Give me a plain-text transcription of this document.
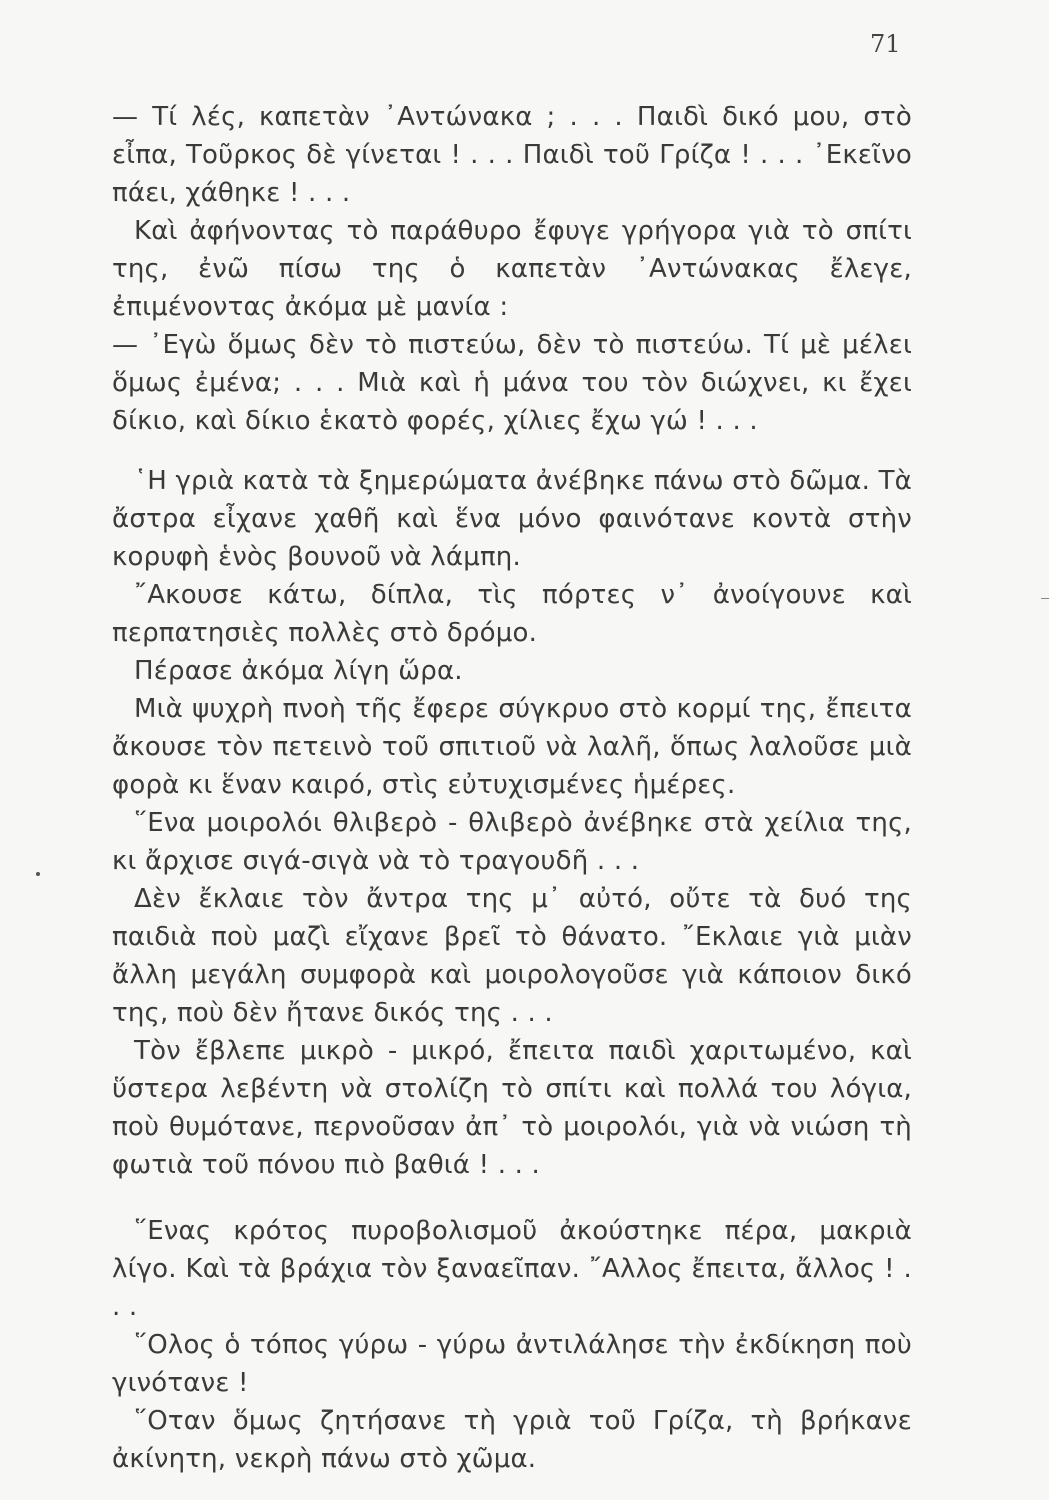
71

— Τί λές, καπετὰν ᾿Αντώνακα ; . . . Παιδὶ δικό μου, στὸ εἶπα, Τοῦρκος δὲ γίνεται ! . . . Παιδὶ τοῦ Γρίζα ! . . . ᾿Εκεῖνο πάει, χάθηκε ! . . .

Καὶ ἀφήνοντας τὸ παράθυρο ἔφυγε γρήγορα γιὰ τὸ σπίτι της, ἐνῶ πίσω της ὁ καπετὰν ᾿Αντώνακας ἔλεγε, ἐπιμένοντας ἀκόμα μὲ μανία :

— ᾿Εγὼ ὅμως δὲν τὸ πιστεύω, δὲν τὸ πιστεύω. Τί μὲ μέλει ὅμως ἐμένα; . . . Μιὰ καὶ ἡ μάνα του τὸν διώχνει, κι ἔχει δίκιο, καὶ δίκιο ἑκατὸ φορές, χίλιες ἔχω γώ ! . . .

῾Η γριὰ κατὰ τὰ ξημερώματα ἀνέβηκε πάνω στὸ δῶμα. Τὰ ἄστρα εἶχανε χαθῆ καὶ ἕνα μόνο φαινότανε κοντὰ στὴν κορυφὴ ἑνὸς βουνοῦ νὰ λάμπη.

῎Ακουσε κάτω, δίπλα, τὶς πόρτες ν᾿ ἀνοίγουνε καὶ περπατησιὲς πολλὲς στὸ δρόμο.

Πέρασε ἀκόμα λίγη ὥρα.

Μιὰ ψυχρὴ πνοὴ τῆς ἔφερε σύγκρυο στὸ κορμί της, ἔπειτα ἄκουσε τὸν πετεινὸ τοῦ σπιτιοῦ νὰ λαλῆ, ὅπως λαλοῦσε μιὰ φορὰ κι ἕναν καιρό, στὶς εὐτυχισμένες ἡμέρες.

῞Ενα μοιρολόι θλιβερὸ - θλιβερὸ ἀνέβηκε στὰ χείλια της, κι ἄρχισε σιγά-σιγὰ νὰ τὸ τραγουδῆ . . .

Δὲν ἔκλαιε τὸν ἄντρα της μ᾿ αὐτό, οὔτε τὰ δυό της παιδιὰ ποὺ μαζὶ εἴχανε βρεῖ τὸ θάνατο. ῎Εκλαιε γιὰ μιὰν ἄλλη μεγάλη συμφορὰ καὶ μοιρολογοῦσε γιὰ κάποιον δικό της, ποὺ δὲν ἤτανε δικός της . . .

Τὸν ἔβλεπε μικρὸ - μικρό, ἔπειτα παιδὶ χαριτωμένο, καὶ ὕστερα λεβέντη νὰ στολίζη τὸ σπίτι καὶ πολλά του λόγια, ποὺ θυμότανε, περνοῦσαν ἀπ᾿ τὸ μοιρολόι, γιὰ νὰ νιώση τὴ φωτιὰ τοῦ πόνου πιὸ βαθιά ! . . .

῞Ενας κρότος πυροβολισμοῦ ἀκούστηκε πέρα, μακριὰ λίγο. Καὶ τὰ βράχια τὸν ξαναεῖπαν. ῎Αλλος ἔπειτα, ἄλλος ! . . .

῞Ολος ὁ τόπος γύρω - γύρω ἀντιλάλησε τὴν ἐκδίκηση ποὺ γινότανε !

῞Οταν ὅμως ζητήσανε τὴ γριὰ τοῦ Γρίζα, τὴ βρήκανε ἀκίνητη, νεκρὴ πάνω στὸ χῶμα.
